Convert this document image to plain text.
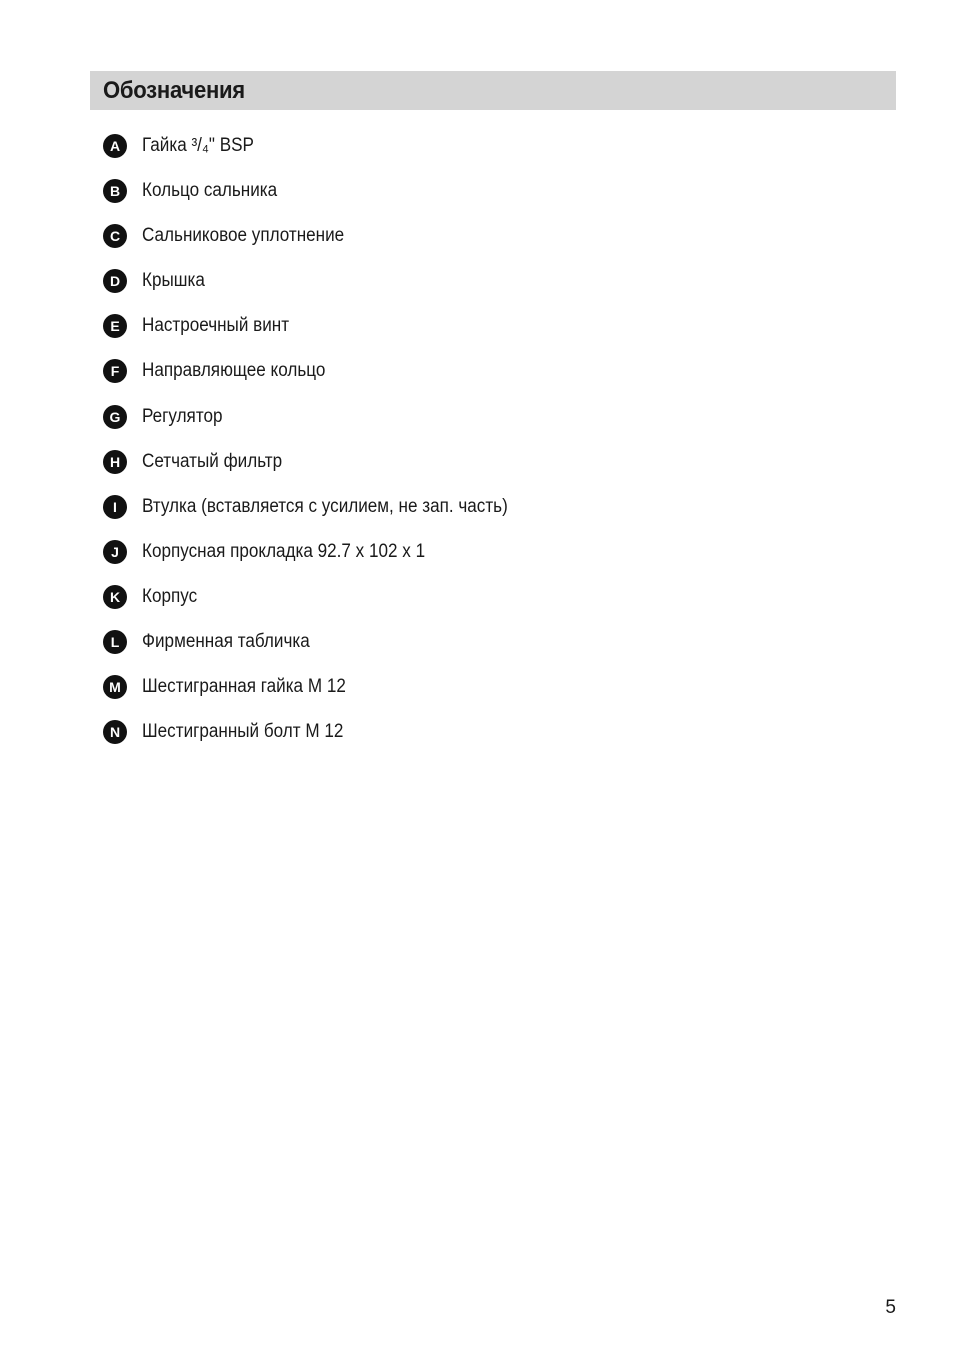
Обозначения
A	Гайка ³/₄" BSP
B	Кольцо сальника
C	Сальниковое уплотнение
D	Крышка
E	Настроечный винт
F	Направляющее кольцо
G	Регулятор
H	Сетчатый фильтр
I	Втулка (вставляется с усилием, не зап. часть)
J	Корпусная прокладка 92.7 x 102 x 1
K	Корпус
L	Фирменная табличка
M	Шестигранная гайка M 12
N	Шестигранный болт M 12
5
